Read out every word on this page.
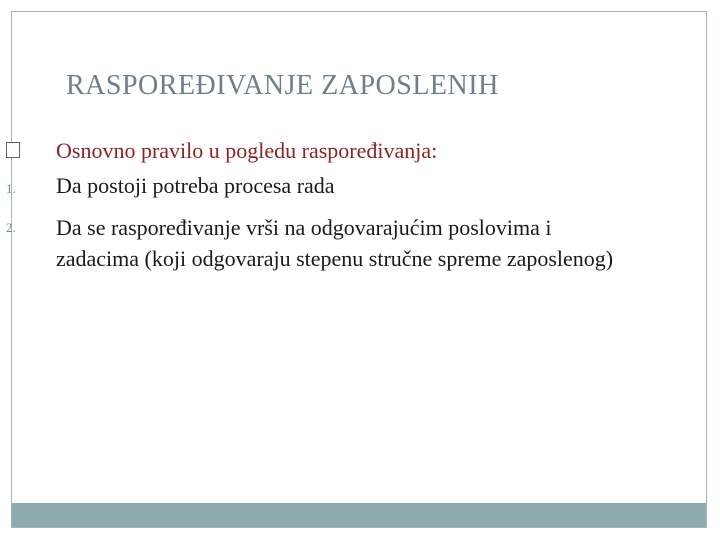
RASPOREĐIVANJE ZAPOSLENIH
Osnovno pravilo u pogledu raspoređivanja:
1. Da postoji potreba procesa rada
2. Da se raspoređivanje vrši na odgovarajućim poslovima i zadacima (koji odgovaraju stepenu stručne spreme zaposlenog)
